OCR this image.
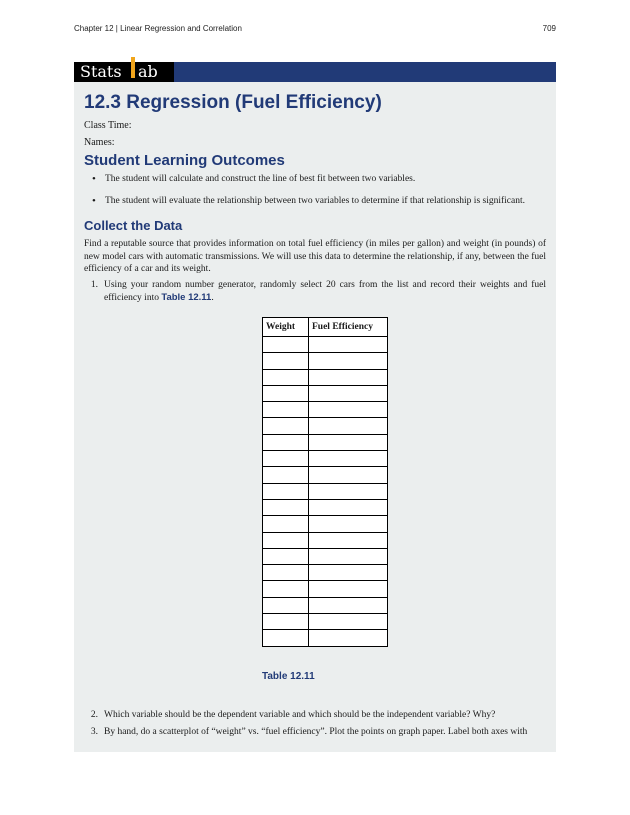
Chapter 12 | Linear Regression and Correlation	709
Stats ab
12.3 Regression (Fuel Efficiency)

Class Time:

Names:

Student Learning Outcomes
• The student will calculate and construct the line of best fit between two variables.
• The student will evaluate the relationship between two variables to determine if that relationship is significant.
Collect the Data

Find a reputable source that provides information on total fuel efficiency (in miles per gallon) and weight (in pounds) of new model cars with automatic transmissions. We will use this data to determine the relationship, if any, between the fuel efficiency of a car and its weight.

1. Using your random number generator, randomly select 20 cars from the list and record their weights and fuel efficiency into Table 12.11.
Weight	Fuel Efficiency

Table 12.11

2. Which variable should be the dependent variable and which should be the independent variable? Why?
3. By hand, do a scatterplot of “weight” vs. “fuel efficiency”. Plot the points on graph paper. Label both axes with
